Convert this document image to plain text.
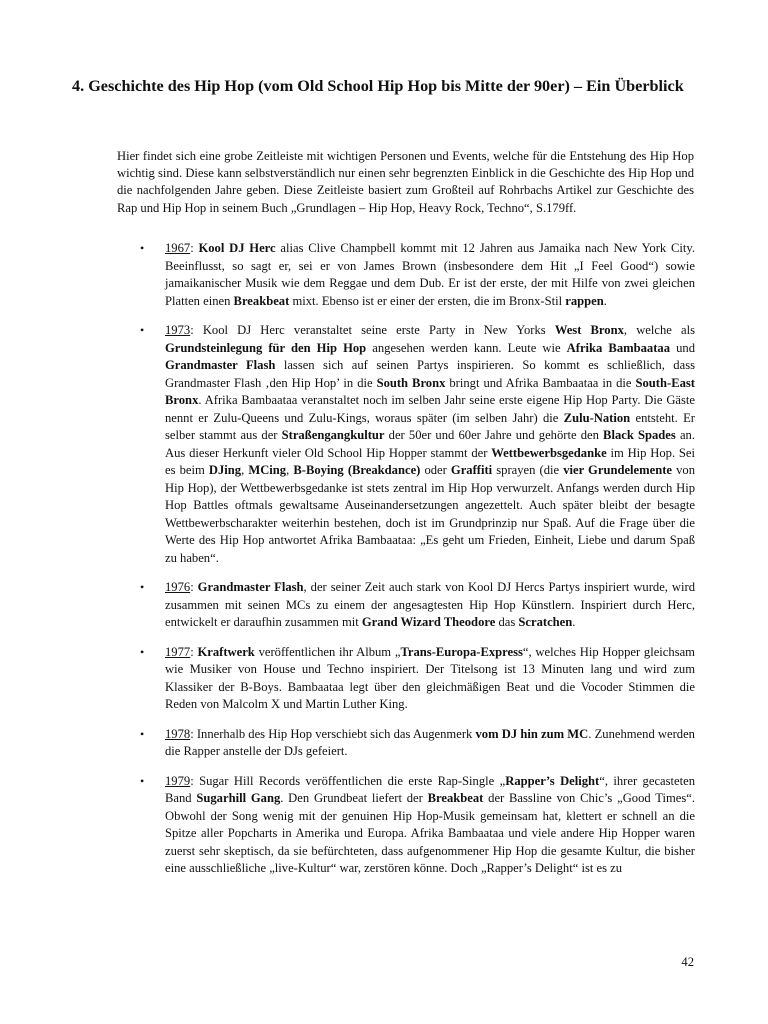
4. Geschichte des Hip Hop (vom Old School Hip Hop bis Mitte der 90er) – Ein Überblick

Hier findet sich eine grobe Zeitleiste mit wichtigen Personen und Events, welche für die Entstehung des Hip Hop wichtig sind. Diese kann selbstverständlich nur einen sehr begrenzten Einblick in die Geschichte des Hip Hop und die nachfolgenden Jahre geben. Diese Zeitleiste basiert zum Großteil auf Rohrbachs Artikel zur Geschichte des Rap und Hip Hop in seinem Buch „Grundlagen – Hip Hop, Heavy Rock, Techno“, S.179ff.

• 1967: Kool DJ Herc alias Clive Champbell kommt mit 12 Jahren aus Jamaika nach New York City. Beeinflusst, so sagt er, sei er von James Brown (insbesondere dem Hit „I Feel Good“) sowie jamaikanischer Musik wie dem Reggae und dem Dub. Er ist der erste, der mit Hilfe von zwei gleichen Platten einen Breakbeat mixt. Ebenso ist er einer der ersten, die im Bronx-Stil rappen.
• 1973: Kool DJ Herc veranstaltet seine erste Party in New Yorks West Bronx, welche als Grundsteinlegung für den Hip Hop angesehen werden kann. Leute wie Afrika Bambaataa und Grandmaster Flash lassen sich auf seinen Partys inspirieren. So kommt es schließlich, dass Grandmaster Flash ‚den Hip Hop’ in die South Bronx bringt und Afrika Bambaataa in die South-East Bronx. Afrika Bambaataa veranstaltet noch im selben Jahr seine erste eigene Hip Hop Party. Die Gäste nennt er Zulu-Queens und Zulu-Kings, woraus später (im selben Jahr) die Zulu-Nation entsteht. Er selber stammt aus der Straßengangkultur der 50er und 60er Jahre und gehörte den Black Spades an. Aus dieser Herkunft vieler Old School Hip Hopper stammt der Wettbewerbsgedanke im Hip Hop. Sei es beim DJing, MCing, B-Boying (Breakdance) oder Graffiti sprayen (die vier Grundelemente von Hip Hop), der Wettbewerbsgedanke ist stets zentral im Hip Hop verwurzelt. Anfangs werden durch Hip Hop Battles oftmals gewaltsame Auseinandersetzungen angezettelt. Auch später bleibt der besagte Wettbewerbscharakter weiterhin bestehen, doch ist im Grundprinzip nur Spaß. Auf die Frage über die Werte des Hip Hop antwortet Afrika Bambaataa: „Es geht um Frieden, Einheit, Liebe und darum Spaß zu haben“.
• 1976: Grandmaster Flash, der seiner Zeit auch stark von Kool DJ Hercs Partys inspiriert wurde, wird zusammen mit seinen MCs zu einem der angesagtesten Hip Hop Künstlern. Inspiriert durch Herc, entwickelt er daraufhin zusammen mit Grand Wizard Theodore das Scratchen.
• 1977: Kraftwerk veröffentlichen ihr Album „Trans-Europa-Express“, welches Hip Hopper gleichsam wie Musiker von House und Techno inspiriert. Der Titelsong ist 13 Minuten lang und wird zum Klassiker der B-Boys. Bambaataa legt über den gleichmäßigen Beat und die Vocoder Stimmen die Reden von Malcolm X und Martin Luther King.
• 1978: Innerhalb des Hip Hop verschiebt sich das Augenmerk vom DJ hin zum MC. Zunehmend werden die Rapper anstelle der DJs gefeiert.
• 1979: Sugar Hill Records veröffentlichen die erste Rap-Single „Rapper’s Delight“, ihrer gecasteten Band Sugarhill Gang. Den Grundbeat liefert der Breakbeat der Bassline von Chic’s „Good Times“. Obwohl der Song wenig mit der genuinen Hip Hop-Musik gemeinsam hat, klettert er schnell an die Spitze aller Popcharts in Amerika und Europa. Afrika Bambaataa und viele andere Hip Hopper waren zuerst sehr skeptisch, da sie befürchteten, dass aufgenommener Hip Hop die gesamte Kultur, die bisher eine ausschließliche „live-Kultur“ war, zerstören könne. Doch „Rapper’s Delight“ ist es zu

42
